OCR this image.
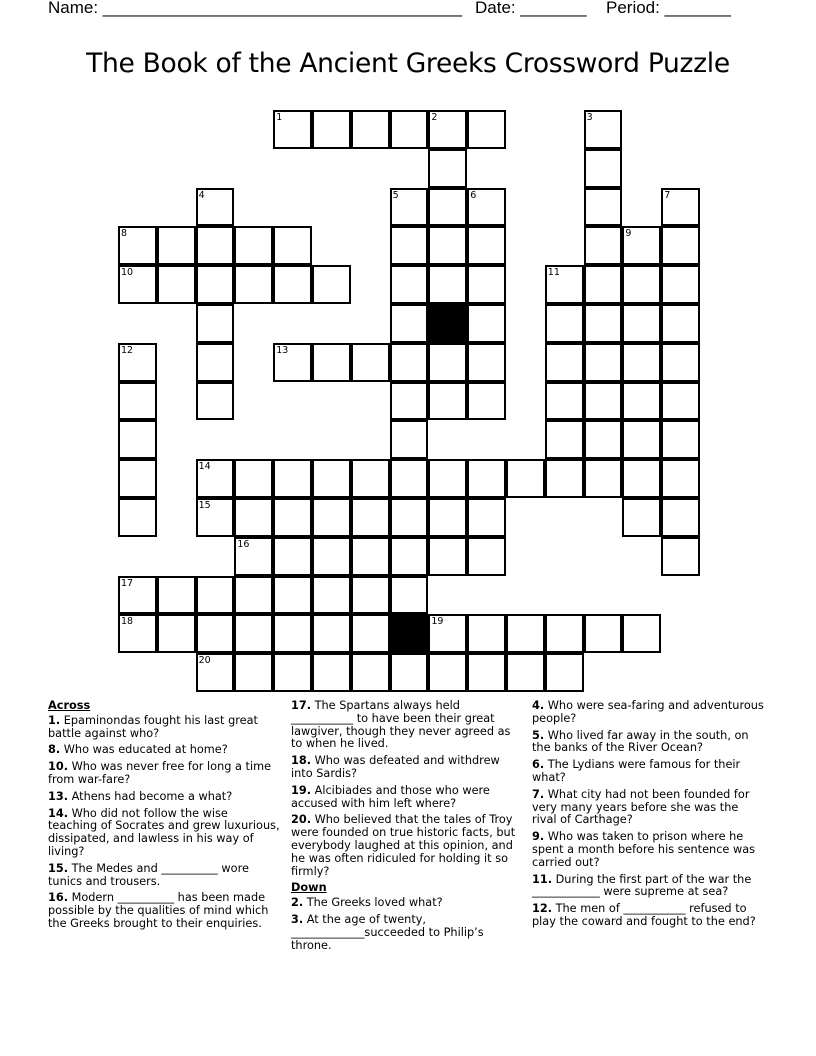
Name: ______________________________________ Date: _______ Period: _______
The Book of the Ancient Greeks Crossword Puzzle
1	2
8
10
13
14
15
16
17
18	19
20
3
4	5	6	7
9
11
12
Across
1. Epaminondas fought his last great battle against who?
8. Who was educated at home?
10. Who was never free for long a time from war-fare?
13. Athens had become a what?
14. Who did not follow the wise teaching of Socrates and grew luxurious, dissipated, and lawless in his way of living?
15. The Medes and __________ wore tunics and trousers.
16. Modern __________ has been made possible by the qualities of mind which the Greeks brought to their enquiries.
17. The Spartans always held ___________ to have been their great lawgiver, though they never agreed as to when he lived.
18. Who was defeated and withdrew into Sardis?
19. Alcibiades and those who were accused with him left where?
20. Who believed that the tales of Troy were founded on true historic facts, but everybody laughed at this opinion, and he was often ridiculed for holding it so firmly?
Down
2. The Greeks loved what?
3. At the age of twenty, _____________succeeded to Philip’s throne.
4. Who were sea-faring and adventurous people?
5. Who lived far away in the south, on the banks of the River Ocean?
6. The Lydians were famous for their what?
7. What city had not been founded for very many years before she was the rival of Carthage?
9. Who was taken to prison where he spent a month before his sentence was carried out?
11. During the first part of the war the ____________ were supreme at sea?
12. The men of ___________ refused to play the coward and fought to the end?
